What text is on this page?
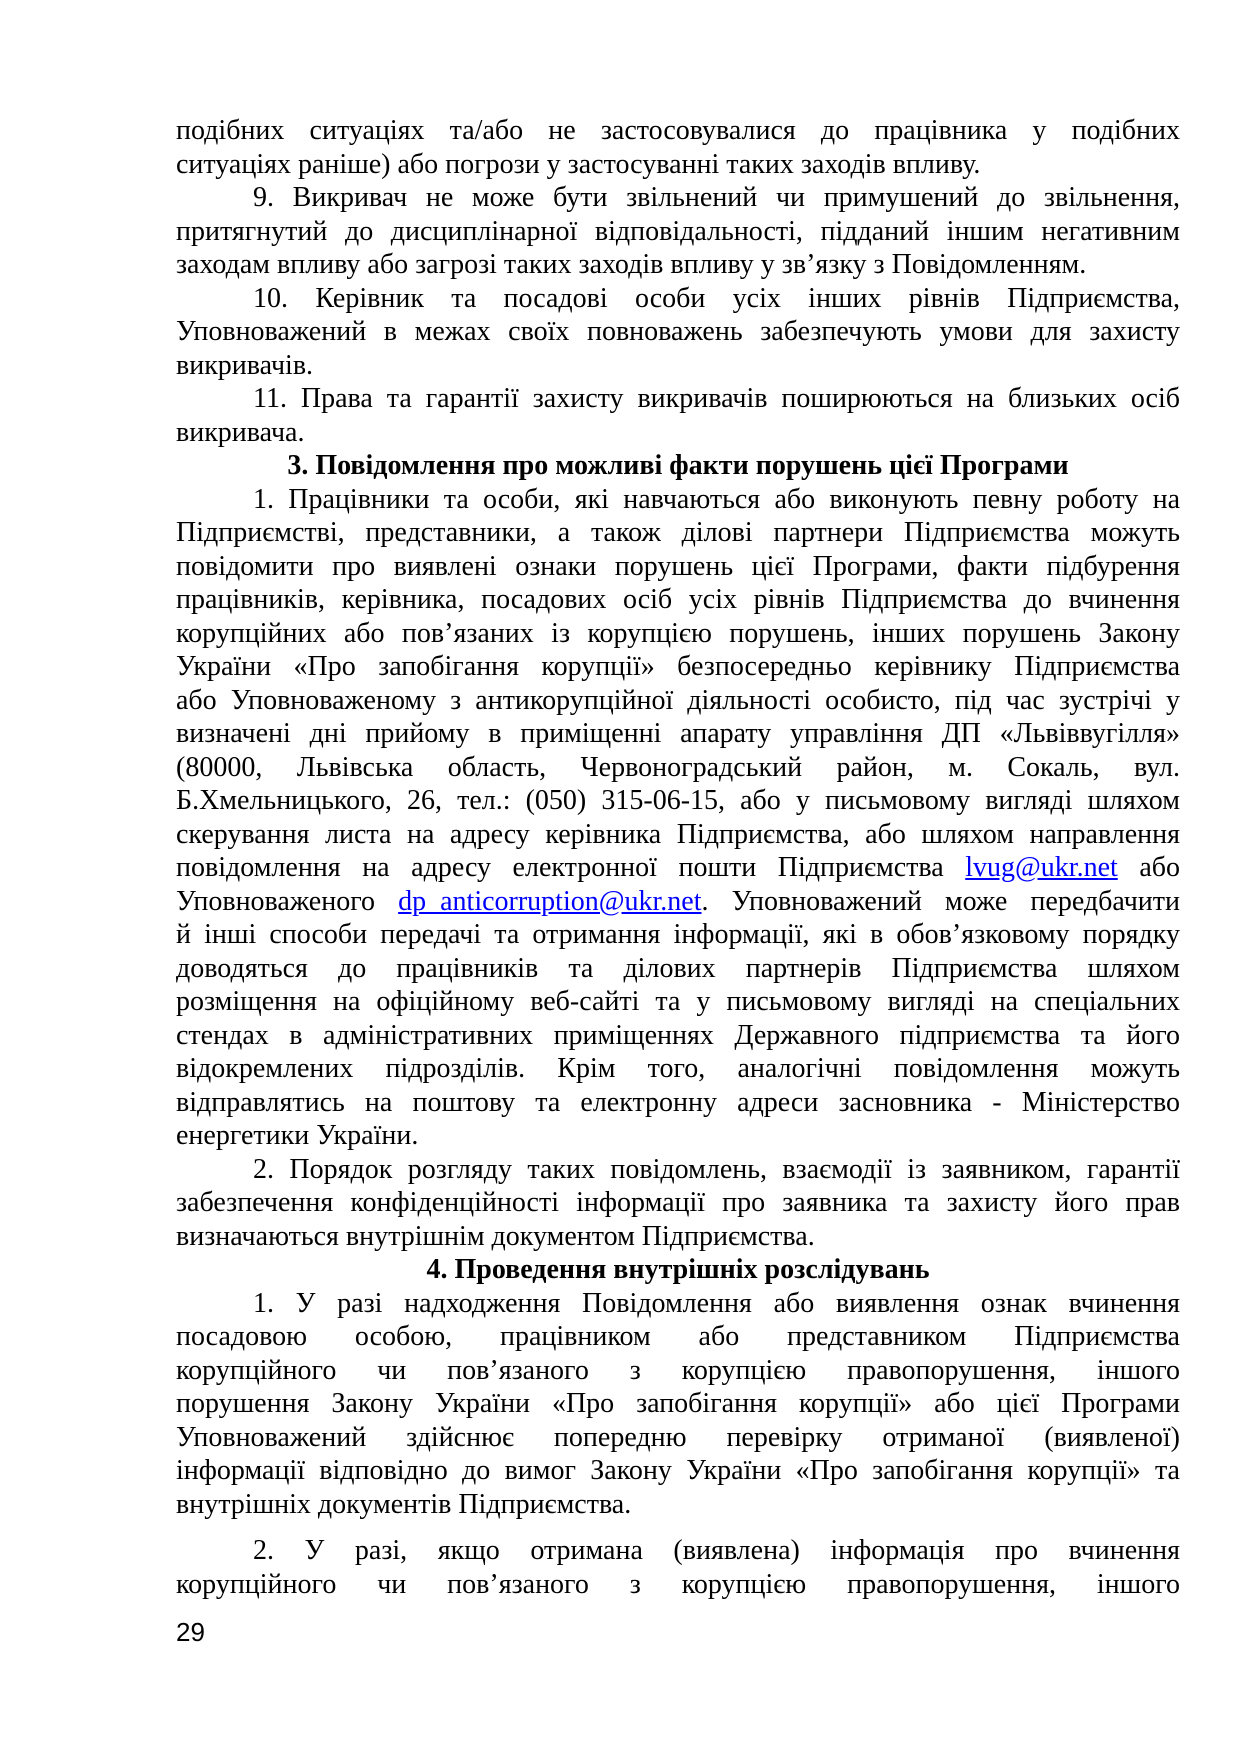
подібних ситуаціях та/або не застосовувалися до працівника у подібних
ситуаціях раніше) або погрози у застосуванні таких заходів впливу.
9. Викривач не може бути звільнений чи примушений до звільнення,
притягнутий до дисциплінарної відповідальності, підданий іншим негативним
заходам впливу або загрозі таких заходів впливу у зв’язку з Повідомленням.
10. Керівник та посадові особи усіх інших рівнів Підприємства,
Уповноважений в межах своїх повноважень забезпечують умови для захисту
викривачів.
11. Права та гарантії захисту викривачів поширюються на близьких осіб
викривача.
3. Повідомлення про можливі факти порушень цієї Програми
1. Працівники та особи, які навчаються або виконують певну роботу на
Підприємстві, представники, а також ділові партнери Підприємства можуть
повідомити про виявлені ознаки порушень цієї Програми, факти підбурення
працівників, керівника, посадових осіб усіх рівнів Підприємства до вчинення
корупційних або пов’язаних із корупцією порушень, інших порушень Закону
України «Про запобігання корупції» безпосередньо керівнику Підприємства
або Уповноваженому з антикорупційної діяльності особисто, під час зустрічі у
визначені дні прийому в приміщенні апарату управління ДП «Львіввугілля»
(80000, Львівська область, Червоноградський район, м. Сокаль, вул.
Б.Хмельницького, 26, тел.: (050) 315-06-15, або у письмовому вигляді шляхом
скерування листа на адресу керівника Підприємства, або шляхом направлення
повідомлення на адресу електронної пошти Підприємства lvug@ukr.net або
Уповноваженого dp_anticorruption@ukr.net. Уповноважений може передбачити
й інші способи передачі та отримання інформації, які в обов’язковому порядку
доводяться до працівників та ділових партнерів Підприємства шляхом
розміщення на офіційному веб-сайті та у письмовому вигляді на спеціальних
стендах в адміністративних приміщеннях Державного підприємства та його
відокремлених підрозділів. Крім того, аналогічні повідомлення можуть
відправлятись на поштову та електронну адреси засновника - Міністерство
енергетики України.
2. Порядок розгляду таких повідомлень, взаємодії із заявником, гарантії
забезпечення конфіденційності інформації про заявника та захисту його прав
визначаються внутрішнім документом Підприємства.
4. Проведення внутрішніх розслідувань
1. У разі надходження Повідомлення або виявлення ознак вчинення
посадовою особою, працівником або представником Підприємства
корупційного чи пов’язаного з корупцією правопорушення, іншого
порушення Закону України «Про запобігання корупції» або цієї Програми
Уповноважений здійснює попередню перевірку отриманої (виявленої)
інформації відповідно до вимог Закону України «Про запобігання корупції» та
внутрішніх документів Підприємства.
2. У разі, якщо отримана (виявлена) інформація про вчинення
корупційного чи пов’язаного з корупцією правопорушення, іншого
29
